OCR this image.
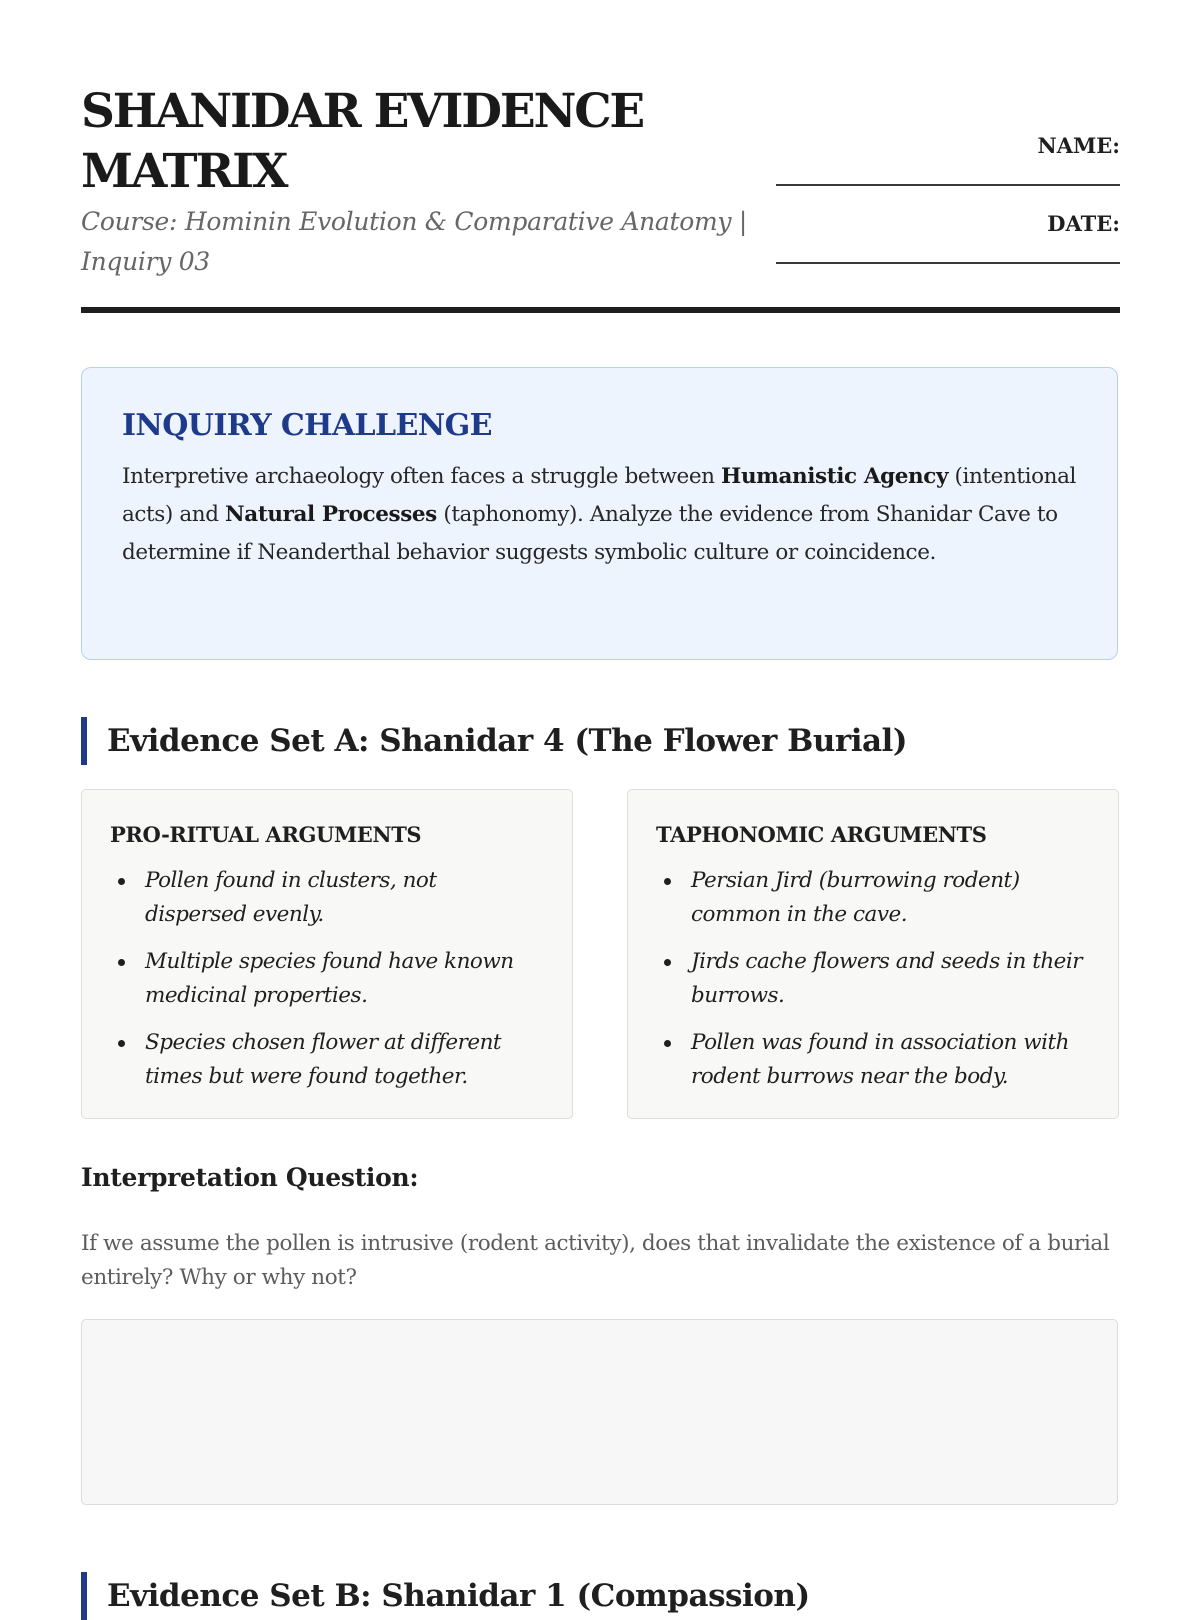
SHANIDAR EVIDENCE MATRIX

Course: Hominin Evolution & Comparative Anatomy | Inquiry 03

NAME:
DATE:
INQUIRY CHALLENGE

Interpretive archaeology often faces a struggle between Humanistic Agency (intentional acts) and Natural Processes (taphonomy). Analyze the evidence from Shanidar Cave to determine if Neanderthal behavior suggests symbolic culture or coincidence.

Evidence Set A: Shanidar 4 (The Flower Burial)
PRO-RITUAL ARGUMENTS
Pollen found in clusters, not dispersed evenly.
Multiple species found have known medicinal properties.
Species chosen flower at different times but were found together.
TAPHONOMIC ARGUMENTS
Persian Jird (burrowing rodent) common in the cave.
Jirds cache flowers and seeds in their burrows.
Pollen was found in association with rodent burrows near the body.
Interpretation Question:

If we assume the pollen is intrusive (rodent activity), does that invalidate the existence of a burial entirely? Why or why not?

Evidence Set B: Shanidar 1 (Compassion)
